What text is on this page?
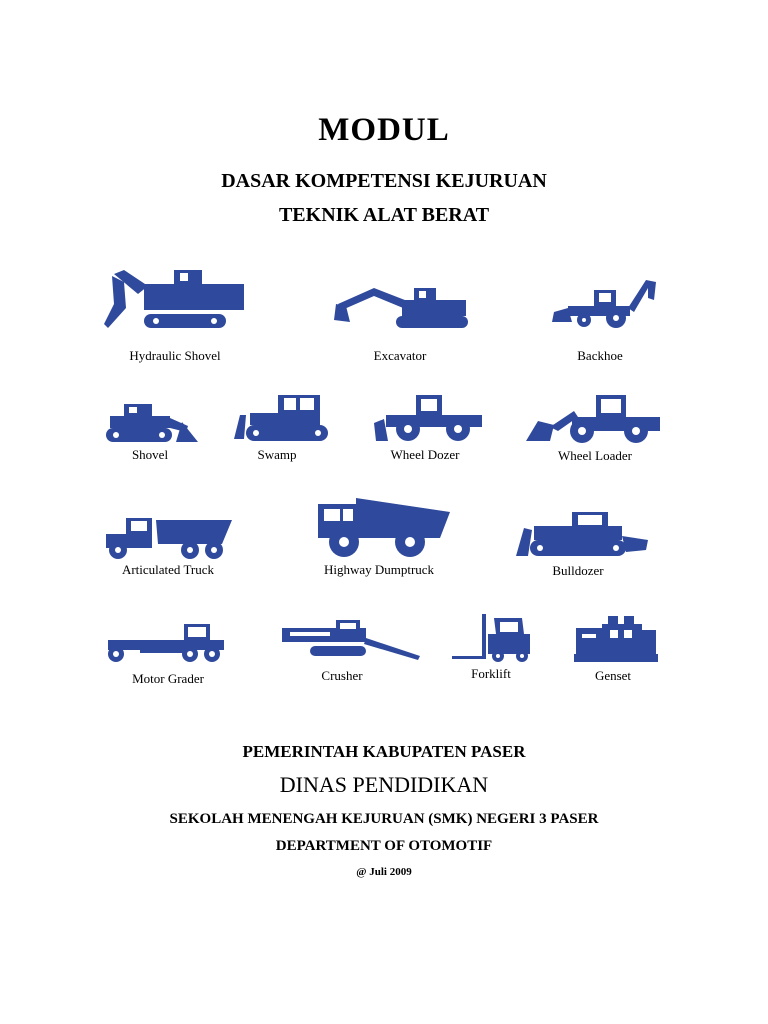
MODUL
DASAR KOMPETENSI KEJURUAN
TEKNIK ALAT BERAT
Hydraulic Shovel	Excavator	Backhoe
Shovel	Swamp	Wheel Dozer	Wheel Loader
Articulated Truck	Highway Dumptruck	Bulldozer
Motor Grader	Crusher	Forklift	Genset
PEMERINTAH KABUPATEN PASER
DINAS PENDIDIKAN
SEKOLAH MENENGAH KEJURUAN (SMK) NEGERI 3 PASER
DEPARTMENT OF OTOMOTIF
@ Juli 2009
